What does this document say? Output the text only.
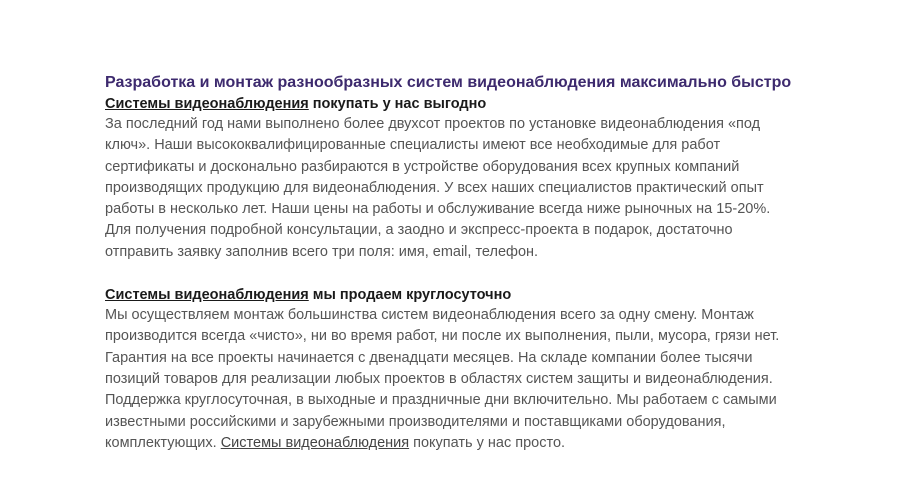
Разработка и монтаж разнообразных систем видеонаблюдения максимально быстро

Системы видеонаблюдения покупать у нас выгодно

За последний год нами выполнено более двухсот проектов по установке видеонаблюдения «под
ключ». Наши высококвалифицированные специалисты имеют все необходимые для работ
сертификаты и досконально разбираются в устройстве оборудования всех крупных компаний
производящих продукцию для видеонаблюдения. У всех наших специалистов практический опыт
работы в несколько лет. Наши цены на работы и обслуживание всегда ниже рыночных на 15-20%.
Для получения подробной консультации, а заодно и экспресс-проекта в подарок, достаточно
отправить заявку заполнив всего три поля: имя, email, телефон.

Системы видеонаблюдения мы продаем круглосуточно

Мы осуществляем монтаж большинства систем видеонаблюдения всего за одну смену. Монтаж
производится всегда «чисто», ни во время работ, ни после их выполнения, пыли, мусора, грязи нет.
Гарантия на все проекты начинается с двенадцати месяцев. На складе компании более тысячи
позиций товаров для реализации любых проектов в областях систем защиты и видеонаблюдения.
Поддержка круглосуточная, в выходные и праздничные дни включительно. Мы работаем с самыми
известными российскими и зарубежными производителями и поставщиками оборудования,
комплектующих. Системы видеонаблюдения покупать у нас просто.
